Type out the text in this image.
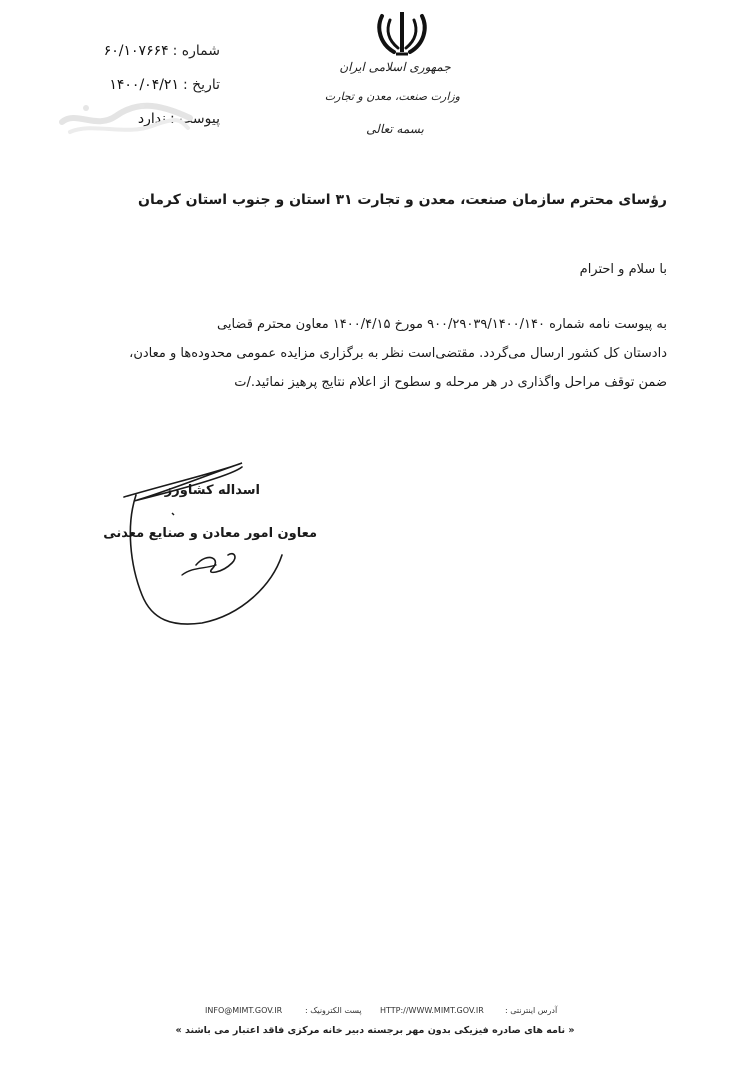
شماره :
۶۰/۱۰۷۶۶۴
تاریخ :
۱۴۰۰/۰۴/۲۱
پیوست :
ندارد
جمهوری اسلامی ایران
وزارت صنعت، معدن و تجارت
بسمه تعالی
رؤسای محترم سازمان صنعت، معدن و تجارت ۳۱ استان و جنوب استان کرمان
با سلام و احترام
به پیوست نامه شماره ۹۰۰/۲۹۰۳۹/۱۴۰۰/۱۴۰ مورخ ۱۴۰۰/۴/۱۵ معاون محترم قضایی
دادستان کل کشور ارسال می‌گردد. مقتضی‌است نظر به برگزاری مزایده عمومی محدوده‌ها و معادن،
ضمن توقف مراحل واگذاری در هر مرحله و سطوح از اعلام نتایج پرهیز نمائید./ت
اسداله کشاورز
معاون امور معادن و صنایع معدنی
INFO@MIMT.GOV.IR	پست الکترونیک : HTTP://WWW.MIMT.GOV.IR	آدرس اینترنتی :
« نامه های صادره فیزیکی بدون مهر برجسته دبیر خانه مرکزی فاقد اعتبار می باشند »
